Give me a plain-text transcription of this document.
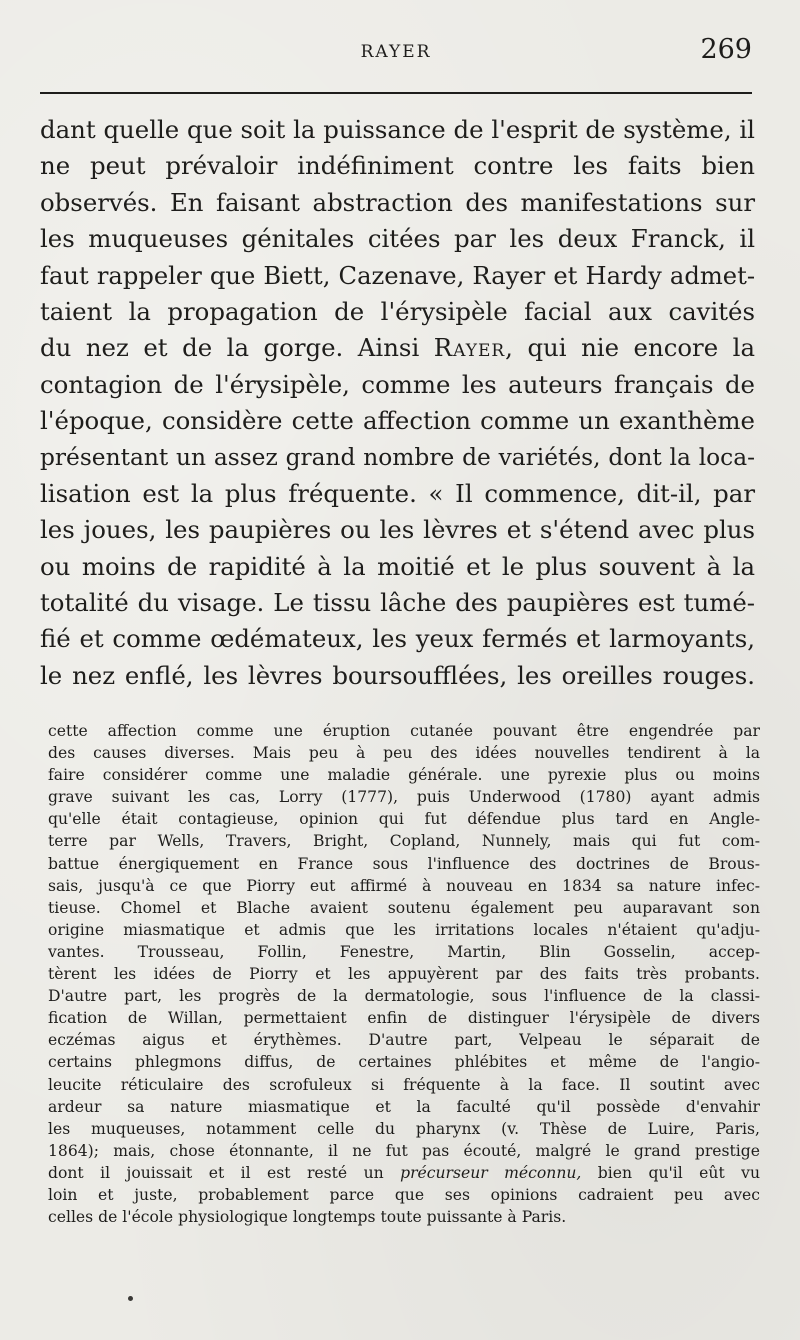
RAYER	269
dant quelle que soit la puissance de l'esprit de système, il
ne peut prévaloir indéfiniment contre les faits bien
observés. En faisant abstraction des manifestations sur
les muqueuses génitales citées par les deux Franck, il
faut rappeler que Biett, Cazenave, Rayer et Hardy admet-
taient la propagation de l'érysipèle facial aux cavités
du nez et de la gorge. Ainsi Rayer, qui nie encore la
contagion de l'érysipèle, comme les auteurs français de
l'époque, considère cette affection comme un exanthème
présentant un assez grand nombre de variétés, dont la loca-
lisation est la plus fréquente. « Il commence, dit-il, par
les joues, les paupières ou les lèvres et s'étend avec plus
ou moins de rapidité à la moitié et le plus souvent à la
totalité du visage. Le tissu lâche des paupières est tumé-
fié et comme œdémateux, les yeux fermés et larmoyants,
le nez enflé, les lèvres boursoufflées, les oreilles rouges.
cette affection comme une éruption cutanée pouvant être engendrée par
des causes diverses. Mais peu à peu des idées nouvelles tendirent à la
faire considérer comme une maladie générale. une pyrexie plus ou moins
grave suivant les cas, Lorry (1777), puis Underwood (1780) ayant admis
qu'elle était contagieuse, opinion qui fut défendue plus tard en Angle-
terre par Wells, Travers, Bright, Copland, Nunnely, mais qui fut com-
battue énergiquement en France sous l'influence des doctrines de Brous-
sais, jusqu'à ce que Piorry eut affirmé à nouveau en 1834 sa nature infec-
tieuse. Chomel et Blache avaient soutenu également peu auparavant son
origine miasmatique et admis que les irritations locales n'étaient qu'adju-
vantes. Trousseau, Follin, Fenestre, Martin, Blin Gosselin, accep-
tèrent les idées de Piorry et les appuyèrent par des faits très probants.
D'autre part, les progrès de la dermatologie, sous l'influence de la classi-
fication de Willan, permettaient enfin de distinguer l'érysipèle de divers
eczémas aigus et érythèmes. D'autre part, Velpeau le séparait de
certains phlegmons diffus, de certaines phlébites et même de l'angio-
leucite réticulaire des scrofuleux si fréquente à la face. Il soutint avec
ardeur sa nature miasmatique et la faculté qu'il possède d'envahir
les muqueuses, notamment celle du pharynx (v. Thèse de Luire, Paris,
1864); mais, chose étonnante, il ne fut pas écouté, malgré le grand prestige
dont il jouissait et il est resté un précurseur méconnu, bien qu'il eût vu
loin et juste, probablement parce que ses opinions cadraient peu avec
celles de l'école physiologique longtemps toute puissante à Paris.
